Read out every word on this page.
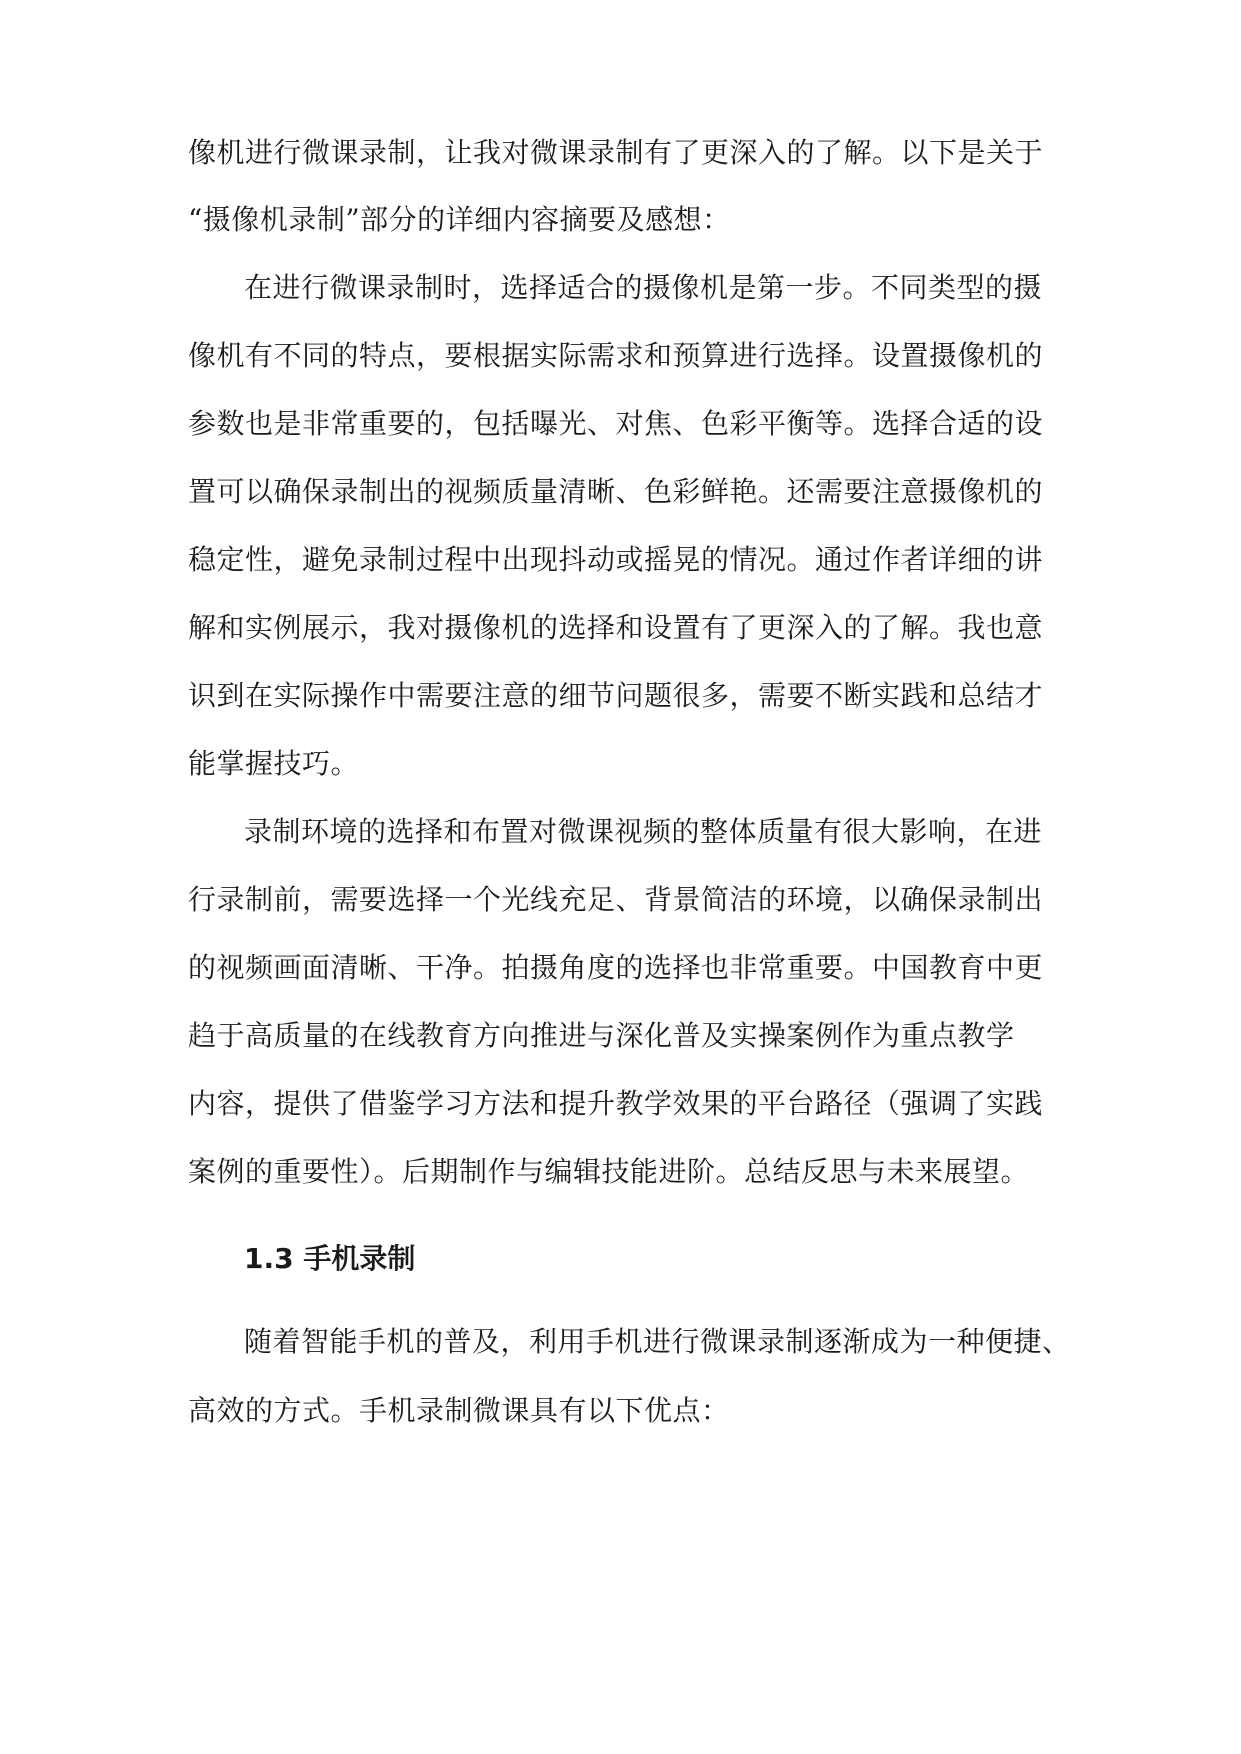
像机进行微课录制，让我对微课录制有了更深入的了解。以下是关于
“摄像机录制”部分的详细内容摘要及感想：
在进行微课录制时，选择适合的摄像机是第一步。不同类型的摄
像机有不同的特点，要根据实际需求和预算进行选择。设置摄像机的
参数也是非常重要的，包括曝光、对焦、色彩平衡等。选择合适的设
置可以确保录制出的视频质量清晰、色彩鲜艳。还需要注意摄像机的
稳定性，避免录制过程中出现抖动或摇晃的情况。通过作者详细的讲
解和实例展示，我对摄像机的选择和设置有了更深入的了解。我也意
识到在实际操作中需要注意的细节问题很多，需要不断实践和总结才
能掌握技巧。
录制环境的选择和布置对微课视频的整体质量有很大影响，在进
行录制前，需要选择一个光线充足、背景简洁的环境，以确保录制出
的视频画面清晰、干净。拍摄角度的选择也非常重要。中国教育中更
趋于高质量的在线教育方向推进与深化普及实操案例作为重点教学
内容，提供了借鉴学习方法和提升教学效果的平台路径（强调了实践
案例的重要性）。后期制作与编辑技能进阶。总结反思与未来展望。
1.3 手机录制
随着智能手机的普及，利用手机进行微课录制逐渐成为一种便捷、
高效的方式。手机录制微课具有以下优点：
